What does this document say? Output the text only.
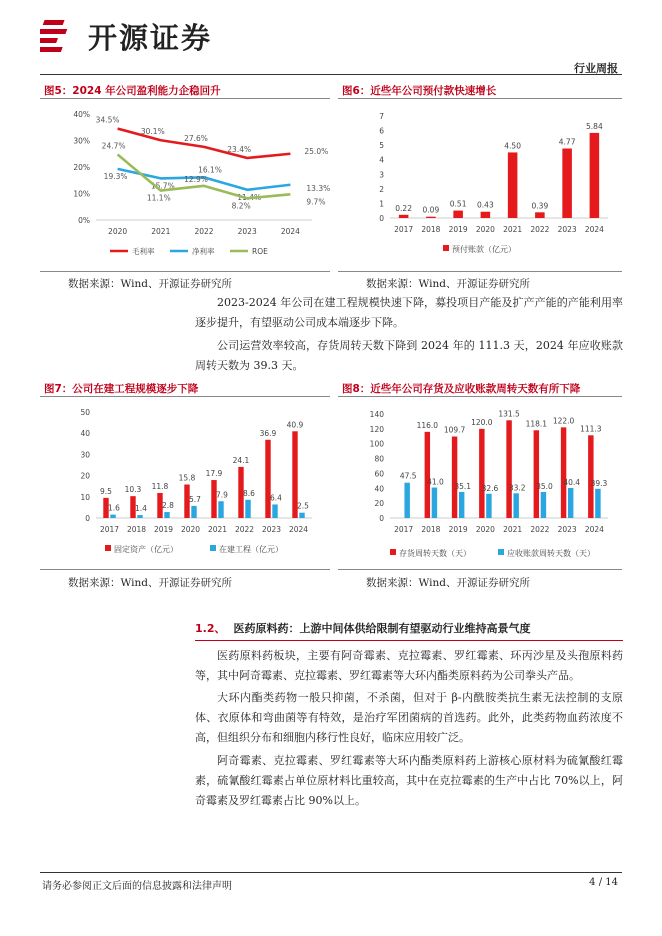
开源证券
行业周报
图5：2024 年公司盈利能力企稳回升	图6：近些年公司预付款快速增长
0%
10%
20%
30%
40%
2020	2021	2022	2023	2024
34.5%
30.1%
27.6%
23.4%	25.0%
19.3%
15.7%
16.1%
11.4%
13.3%
24.7%
11.1%
12.9%
8.2%	9.7%
毛利率	净利率	ROE
0
1
2
3
4
5
6
7
2017 2018 2019 2020 2021 2022 2023 2024
0.22 0.09
0.51 0.43
4.50
0.39
4.77
5.84
预付账款（亿元）
数据来源：Wind、开源证券研究所	数据来源：Wind、开源证券研究所
2023-2024 年公司在建工程规模快速下降，募投项目产能及扩产产能的产能利用率逐步提升，有望驱动公司成本端逐步下降。
公司运营效率较高，存货周转天数下降到 2024 年的 111.3 天，2024 年应收账款周转天数为 39.3 天。
图7：公司在建工程规模逐步下降	图8：近些年公司存货及应收账款周转天数有所下降
0
10
20
30
40
50
2017 2018 2019 2020 2021 2022 2023 2024
9.5 10.3 11.8
15.8 17.9
24.1
36.9
40.9
1.6 1.4 2.8
5.7
7.9 8.6
6.4
2.5
固定资产（亿元）	在建工程（亿元）
0
20
40
60
80
100
120
140
2017 2018 2019 2020 2021 2022 2023 2024
116.0
109.7
120.0
131.5
118.1 122.0
111.3
47.5
41.0 35.1 32.6 33.2 35.0 40.4 39.3
存货周转天数（天）	应收账款周转天数（天）
数据来源：Wind、开源证券研究所	数据来源：Wind、开源证券研究所
1.2、 医药原料药：上游中间体供给限制有望驱动行业维持高景气度
医药原料药板块，主要有阿奇霉素、克拉霉素、罗红霉素、环丙沙星及头孢原料药等，其中阿奇霉素、克拉霉素、罗红霉素等大环内酯类原料药为公司拳头产品。
大环内酯类药物一般只抑菌，不杀菌，但对于 β-内酰胺类抗生素无法控制的支原体、衣原体和弯曲菌等有特效，是治疗军团菌病的首选药。此外，此类药物血药浓度不高，但组织分布和细胞内移行性良好，临床应用较广泛。
阿奇霉素、克拉霉素、罗红霉素等大环内酯类原料药上游核心原材料为硫氰酸红霉素，硫氰酸红霉素占单位原材料比重较高，其中在克拉霉素的生产中占比 70%以上，阿奇霉素及罗红霉素占比 90%以上。
请务必参阅正文后面的信息披露和法律声明	4 / 14
